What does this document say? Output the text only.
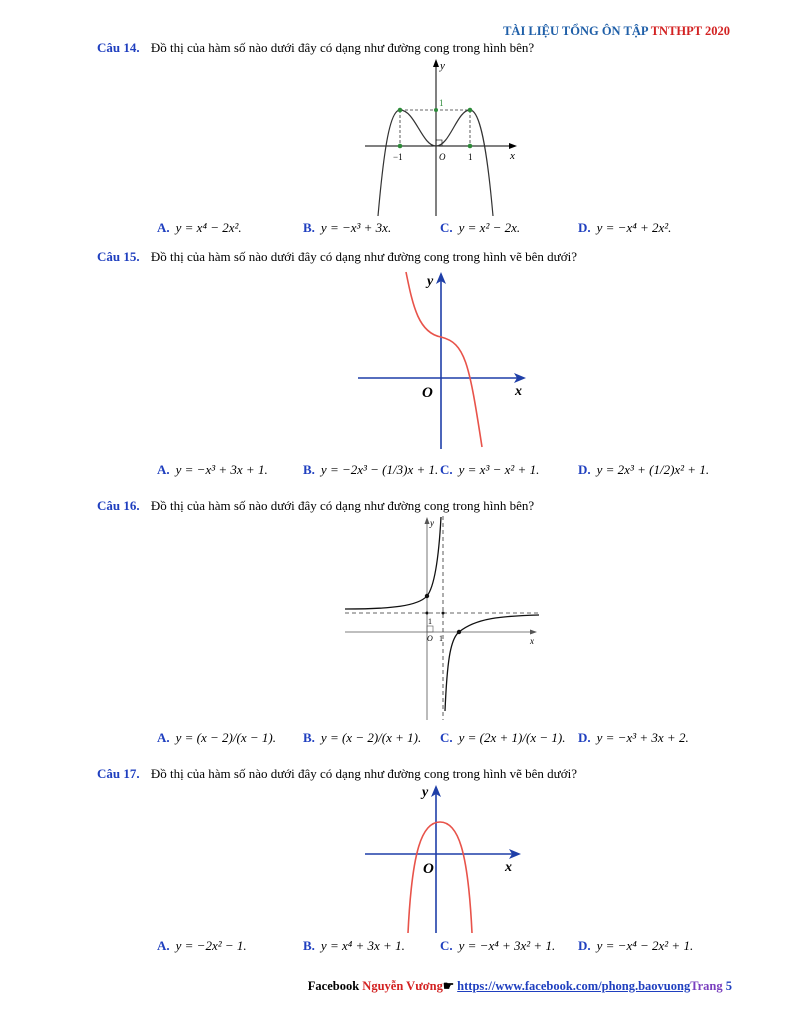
TÀI LIỆU TỔNG ÔN TẬP TNTHPT 2020
Câu 14. Đồ thị của hàm số nào dưới đây có dạng như đường cong trong hình bên?
y
x
−1	1
O
1
A. y = x⁴ − 2x².	B. y = −x³ + 3x.	C. y = x² − 2x.	D. y = −x⁴ + 2x².
Câu 15. Đồ thị của hàm số nào dưới đây có dạng như đường cong trong hình vẽ bên dưới?
y
x
O
A. y = −x³ + 3x + 1.	B. y = −2x³ − (1/3)x + 1. C. y = x³ − x² + 1.	D. y = 2x³ + (1/2)x² + 1.
Câu 16. Đồ thị của hàm số nào dưới đây có dạng như đường cong trong hình bên?
y
x
O 1
1
A. y = (x − 2)/(x − 1). B. y = (x − 2)/(x + 1). C. y = (2x + 1)/(x − 1). D. y = −x³ + 3x + 2.
Câu 17. Đồ thị của hàm số nào dưới đây có dạng như đường cong trong hình vẽ bên dưới?
y
x
O
A. y = −2x² − 1.	B. y = x⁴ + 3x + 1.	C. y = −x⁴ + 3x² + 1. D. y = −x⁴ − 2x² + 1.
Facebook Nguyễn Vương☛ https://www.facebook.com/phong.baovuongTrang 5
